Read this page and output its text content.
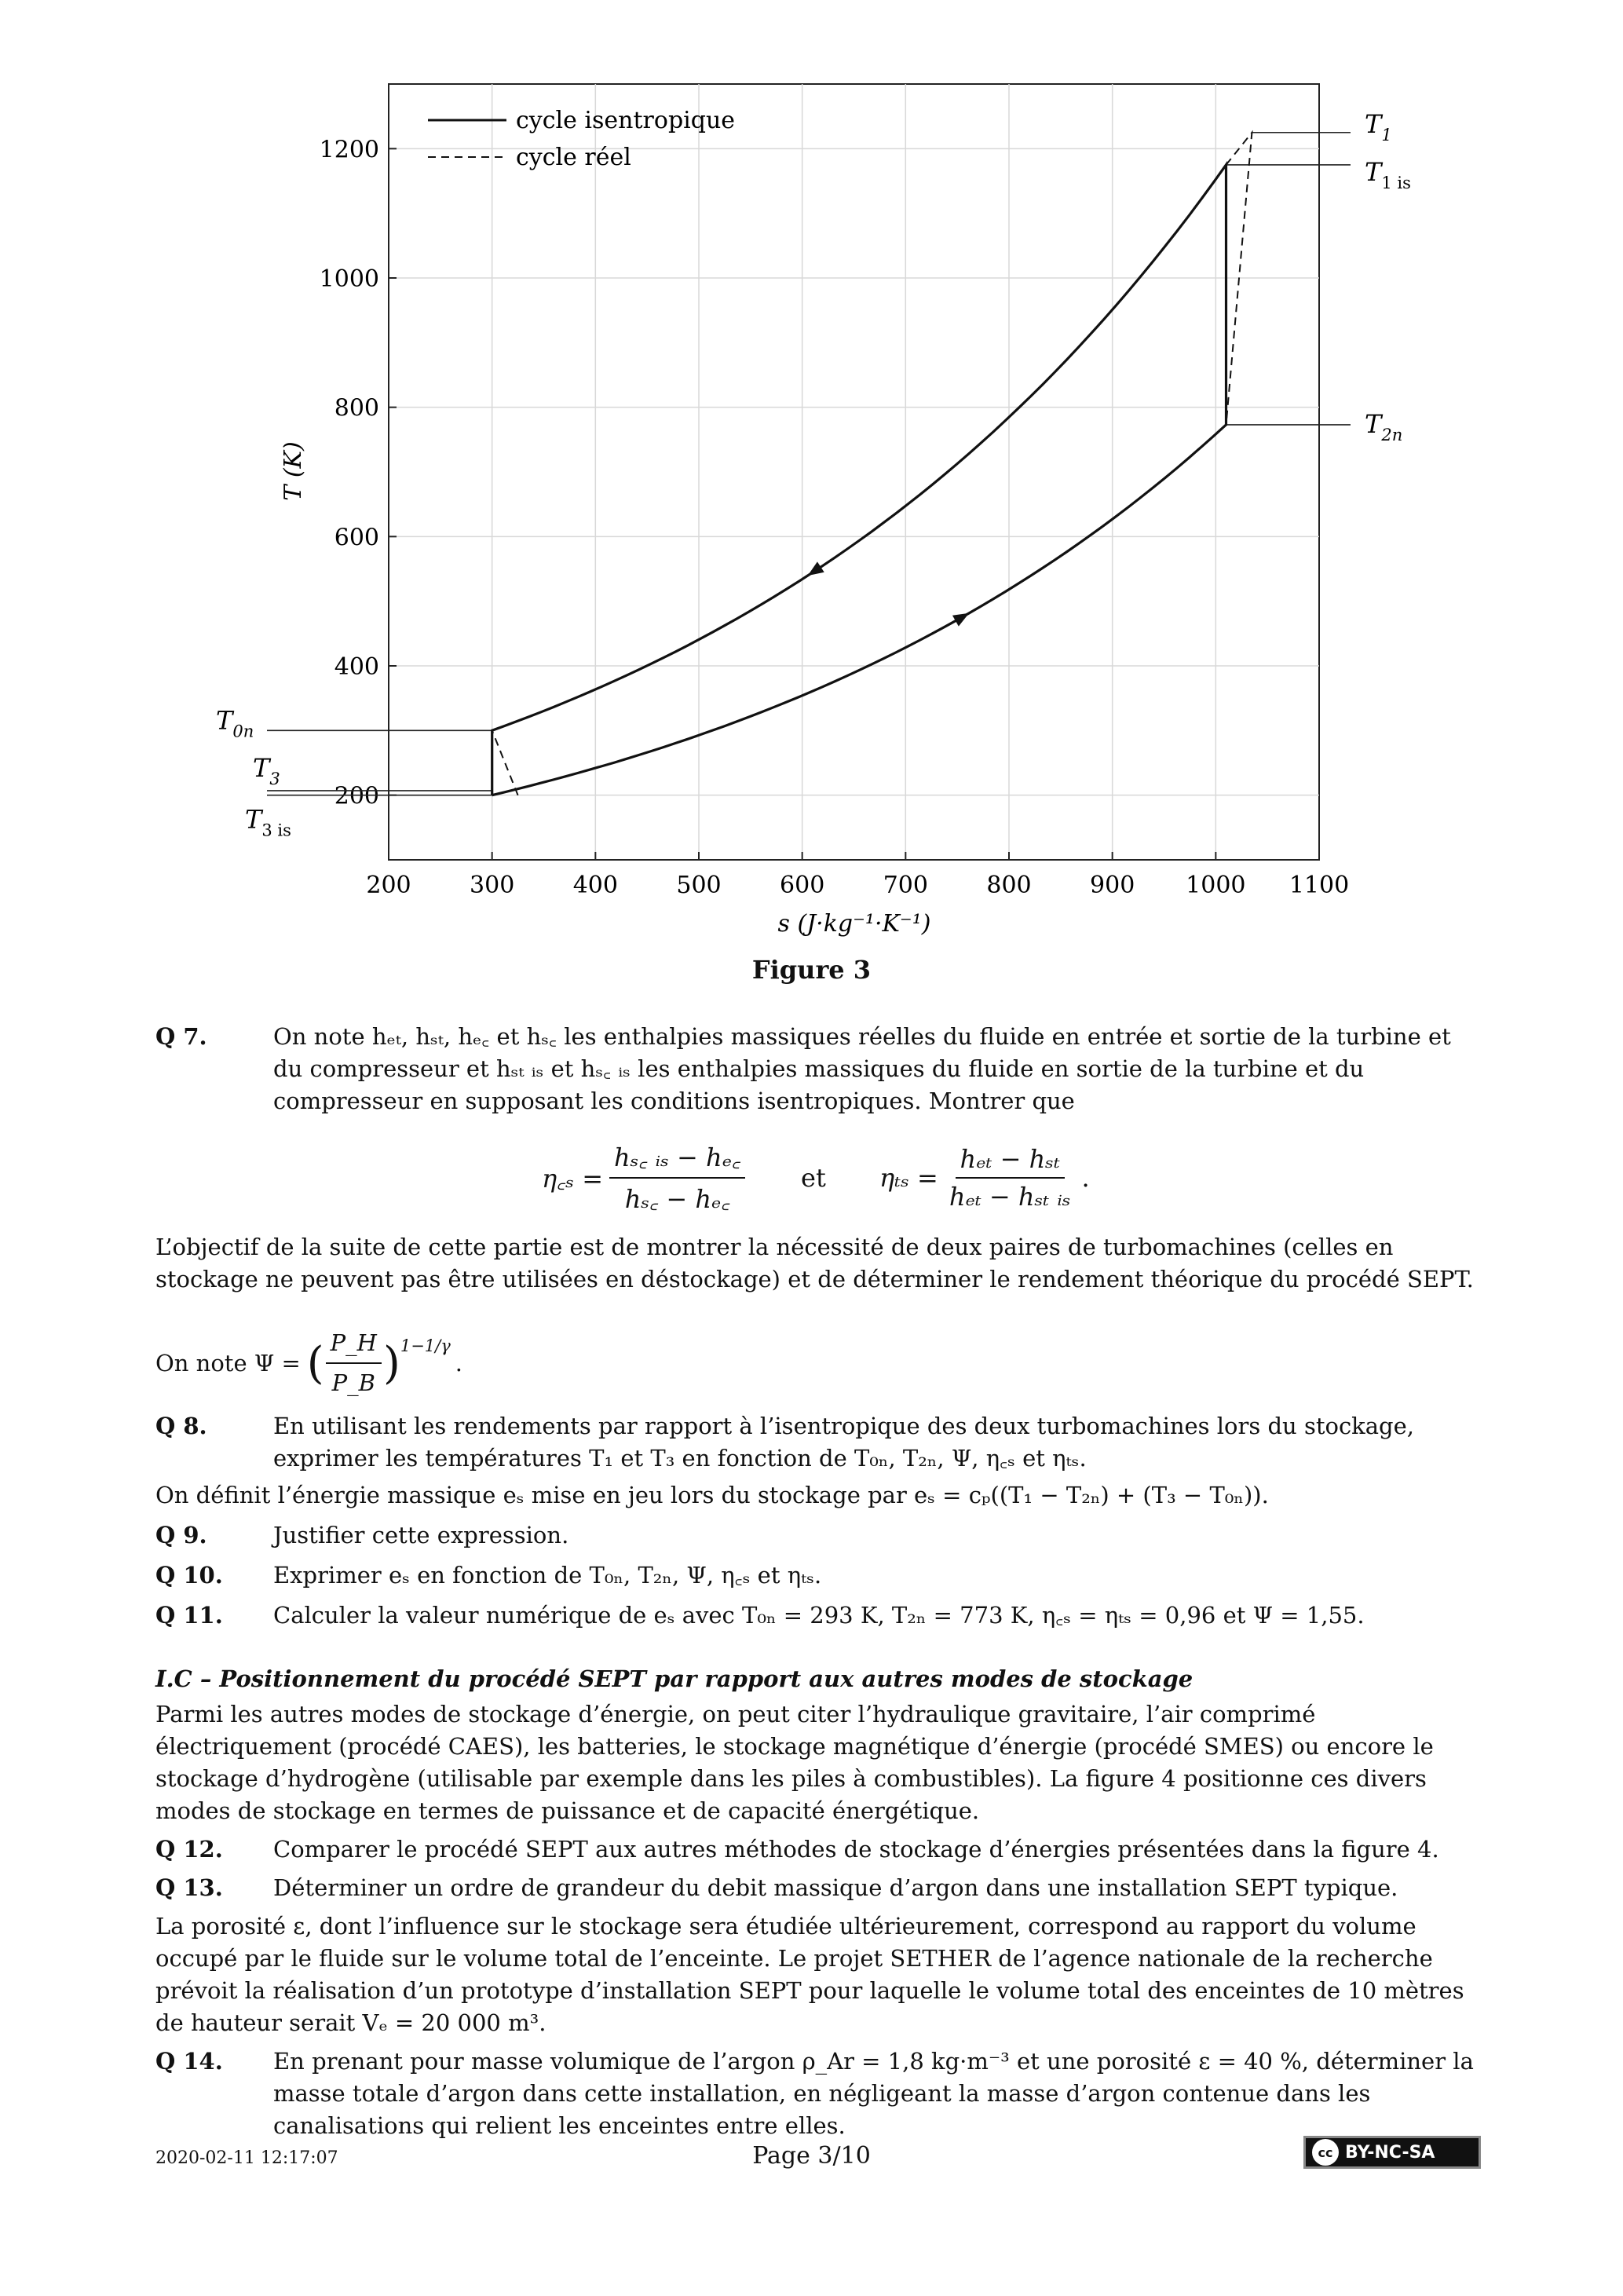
200 300 400 500 600 700 800 900 1000 1100
200
400
600
800
1000
1200
$T_1$
$T_{1 is}$
$T_{2n}$
$T_{0n}$
$T_3$
$T_{3 is}$
cycle isentropique
cycle réel
s (J·kg⁻¹·K⁻¹)
T (K)
Figure 3
Q 7.	On note hₑₜ, hₛₜ, hₑ꜀ et hₛ꜀ les enthalpies massiques réelles du fluide en entrée et sortie de la turbine et du compresseur et hₛₜ ᵢₛ et hₛ꜀ ᵢₛ les enthalpies massiques du fluide en sortie de la turbine et du compresseur en supposant les conditions isentropiques. Montrer que
η꜀ₛ = $\frac{\text{hₛ꜀ ᵢₛ − hₑ꜀}}{\text{hₛ꜀ − hₑ꜀}}$ et $\eta_{ts} = \frac{\text{hₑₜ − hₛₜ}}{\text{hₑₜ − hₛₜ ᵢₛ}}$ .

L’objectif de la suite de cette partie est de montrer la nécessité de deux paires de turbomachines (celles en stockage ne peuvent pas être utilisées en déstockage) et de déterminer le rendement théorique du procédé SEPT.

On note Ψ = ( $\frac{P\_H}{P\_B}$ ) 1−1/γ
.
Q 8.	En utilisant les rendements par rapport à l’isentropique des deux turbomachines lors du stockage, exprimer les températures T₁ et T₃ en fonction de T₀ₙ, T₂ₙ, Ψ, η꜀ₛ et ηₜₛ.

On définit l’énergie massique eₛ mise en jeu lors du stockage par eₛ = cₚ((T₁ − T₂ₙ) + (T₃ − T₀ₙ)).

Q 9.	Justifier cette expression.
Q 10.	Exprimer eₛ en fonction de T₀ₙ, T₂ₙ, Ψ, η꜀ₛ et ηₜₛ.
Q 11.	Calculer la valeur numérique de eₛ avec T₀ₙ = 293 K, T₂ₙ = 773 K, η꜀ₛ = ηₜₛ = 0,96 et Ψ = 1,55.

I.C – Positionnement du procédé SEPT par rapport aux autres modes de stockage

Parmi les autres modes de stockage d’énergie, on peut citer l’hydraulique gravitaire, l’air comprimé électriquement (procédé CAES), les batteries, le stockage magnétique d’énergie (procédé SMES) ou encore le stockage d’hydrogène (utilisable par exemple dans les piles à combustibles). La figure 4 positionne ces divers modes de stockage en termes de puissance et de capacité énergétique.

Q 12.	Comparer le procédé SEPT aux autres méthodes de stockage d’énergies présentées dans la figure 4.
Q 13.	Déterminer un ordre de grandeur du debit massique d’argon dans une installation SEPT typique.

La porosité ε, dont l’influence sur le stockage sera étudiée ultérieurement, correspond au rapport du volume occupé par le fluide sur le volume total de l’enceinte. Le projet SETHER de l’agence nationale de la recherche prévoit la réalisation d’un prototype d’installation SEPT pour laquelle le volume total des enceintes de 10 mètres de hauteur serait Vₑ = 20 000 m³.

Q 14.	En prenant pour masse volumique de l’argon ρ_Ar = 1,8 kg·m⁻³ et une porosité ε = 40 %, déterminer la masse totale d’argon dans cette installation, en négligeant la masse d’argon contenue dans les canalisations qui relient les enceintes entre elles.
2020-02-11 12:17:07	Page 3/10	cc BY-NC-SA
